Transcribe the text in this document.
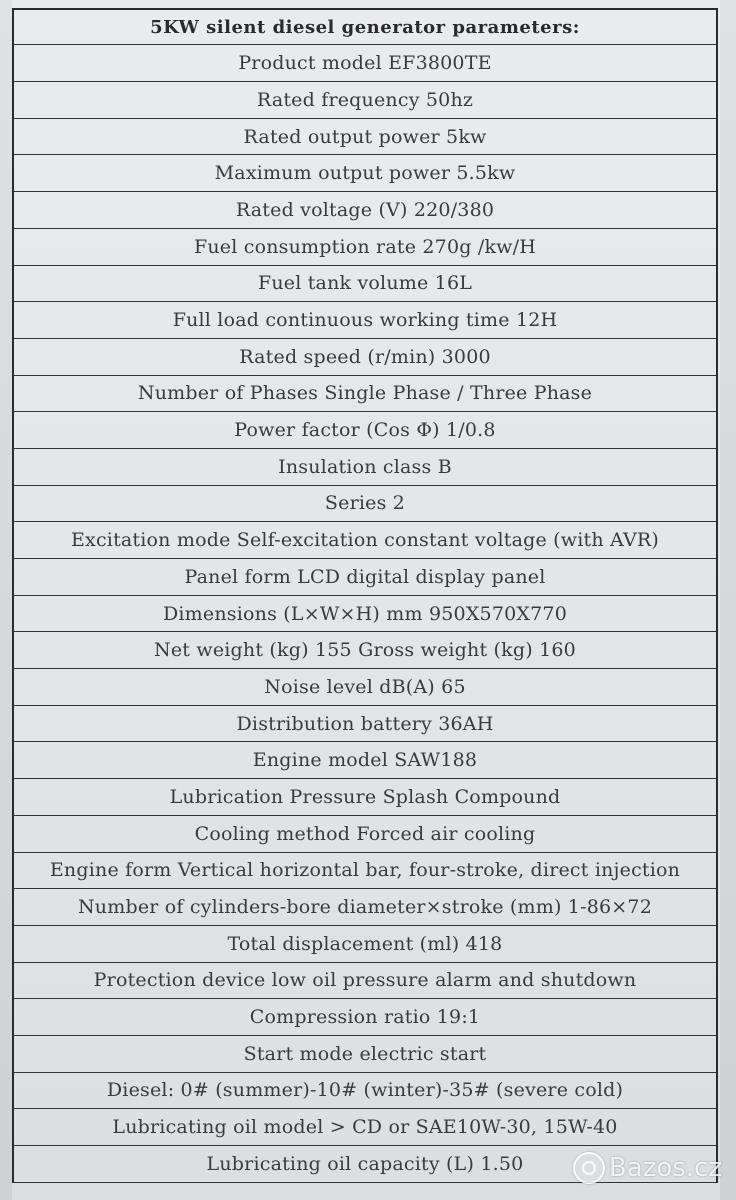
5KW silent diesel generator parameters:
Product model EF3800TE
Rated frequency 50hz
Rated output power 5kw
Maximum output power 5.5kw
Rated voltage (V) 220/380
Fuel consumption rate 270g /kw/H
Fuel tank volume 16L
Full load continuous working time 12H
Rated speed (r/min) 3000
Number of Phases Single Phase / Three Phase
Power factor (Cos Φ) 1/0.8
Insulation class B
Series 2
Excitation mode Self-excitation constant voltage (with AVR)
Panel form LCD digital display panel
Dimensions (L×W×H) mm 950X570X770
Net weight (kg) 155 Gross weight (kg) 160
Noise level dB(A) 65
Distribution battery 36AH
Engine model SAW188
Lubrication Pressure Splash Compound
Cooling method Forced air cooling
Engine form Vertical horizontal bar, four-stroke, direct injection
Number of cylinders-bore diameter×stroke (mm) 1-86×72
Total displacement (ml) 418
Protection device low oil pressure alarm and shutdown
Compression ratio 19:1
Start mode electric start
Diesel: 0# (summer)-10# (winter)-35# (severe cold)
Lubricating oil model > CD or SAE10W-30, 15W-40
Lubricating oil capacity (L) 1.50	Bazos.cz
